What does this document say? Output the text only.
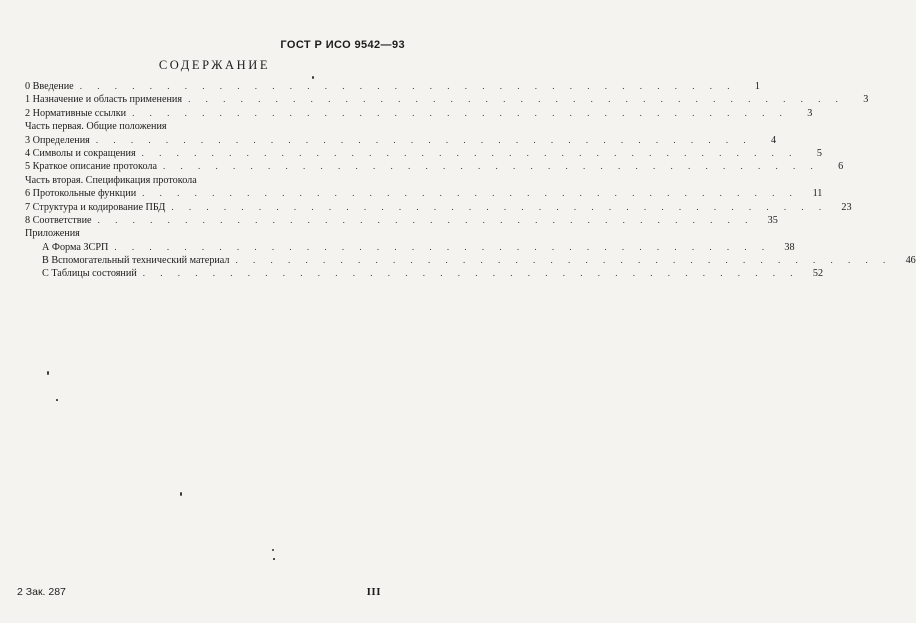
ГОСТ Р ИСО 9542—93
СОДЕРЖАНИЕ
0 Введение . . . . . . . . . . . . . . . . . . . . . . . . . . . . . . . . . . . . . .	1
1 Назначение и область применения . . . . . . . . . . . . . . . . . . . . . . . . . . . . . . . . . . . . . .	3
2 Нормативные ссылки . . . . . . . . . . . . . . . . . . . . . . . . . . . . . . . . . . . . . .	3
Часть первая. Общие положения
3 Определения . . . . . . . . . . . . . . . . . . . . . . . . . . . . . . . . . . . . . .	4
4 Символы и сокращения . . . . . . . . . . . . . . . . . . . . . . . . . . . . . . . . . . . . . .	5
5 Краткое описание протокола . . . . . . . . . . . . . . . . . . . . . . . . . . . . . . . . . . . . . .	6
Часть вторая. Спецификация протокола
6 Протокольные функции . . . . . . . . . . . . . . . . . . . . . . . . . . . . . . . . . . . . . .	11
7 Структура и кодирование ПБД . . . . . . . . . . . . . . . . . . . . . . . . . . . . . . . . . . . . . .	23
8 Соответствие . . . . . . . . . . . . . . . . . . . . . . . . . . . . . . . . . . . . . .	35
Приложения
А Форма ЗСРП . . . . . . . . . . . . . . . . . . . . . . . . . . . . . . . . . . . . . .	38
В Вспомогательный технический материал . . . . . . . . . . . . . . . . . . . . . . . . . . . . . . . . . . . . . .	46
С Таблицы состояний . . . . . . . . . . . . . . . . . . . . . . . . . . . . . . . . . . . . . .	52
2 Зак. 287	III
